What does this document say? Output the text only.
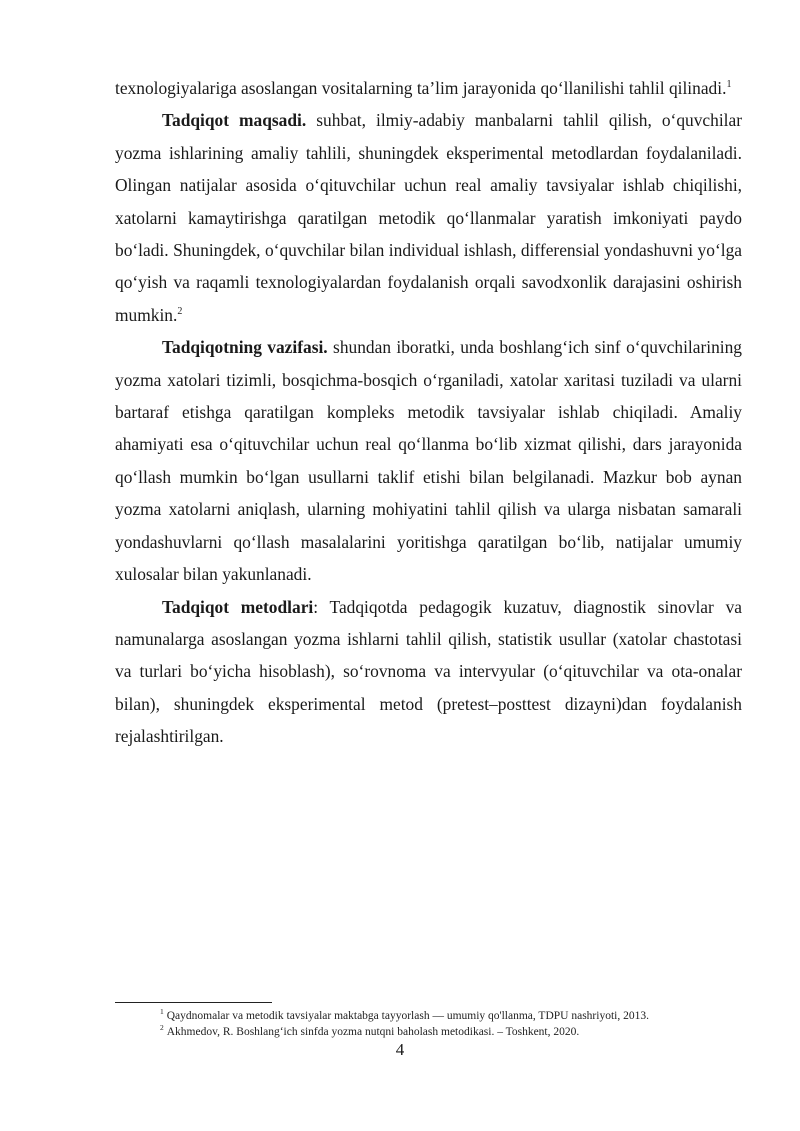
texnologiyalariga asoslangan vositalarning ta’lim jarayonida qo‘llanilishi tahlil qilinadi.$^1$

Tadqiqot maqsadi. suhbat, ilmiy-adabiy manbalarni tahlil qilish, o‘quvchilar yozma ishlarining amaliy tahlili, shuningdek eksperimental metodlardan foydalaniladi. Olingan natijalar asosida o‘qituvchilar uchun real amaliy tavsiyalar ishlab chiqilishi, xatolarni kamaytirishga qaratilgan metodik qo‘llanmalar yaratish imkoniyati paydo bo‘ladi. Shuningdek, o‘quvchilar bilan individual ishlash, differensial yondashuvni yo‘lga qo‘yish va raqamli texnologiyalardan foydalanish orqali savodxonlik darajasini oshirish mumkin.$^2$

Tadqiqotning vazifasi. shundan iboratki, unda boshlang‘ich sinf o‘quvchilarining yozma xatolari tizimli, bosqichma-bosqich o‘rganiladi, xatolar xaritasi tuziladi va ularni bartaraf etishga qaratilgan kompleks metodik tavsiyalar ishlab chiqiladi. Amaliy ahamiyati esa o‘qituvchilar uchun real qo‘llanma bo‘lib xizmat qilishi, dars jarayonida qo‘llash mumkin bo‘lgan usullarni taklif etishi bilan belgilanadi. Mazkur bob aynan yozma xatolarni aniqlash, ularning mohiyatini tahlil qilish va ularga nisbatan samarali yondashuvlarni qo‘llash masalalarini yoritishga qaratilgan bo‘lib, natijalar umumiy xulosalar bilan yakunlanadi.

Tadqiqot metodlari: Tadqiqotda pedagogik kuzatuv, diagnostik sinovlar va namunalarga asoslangan yozma ishlarni tahlil qilish, statistik usullar (xatolar chastotasi va turlari bo‘yicha hisoblash), so‘rovnoma va intervyular (o‘qituvchilar va ota-onalar bilan), shuningdek eksperimental metod (pretest–posttest dizayni)dan foydalanish rejalashtirilgan.

$^1$ Qaydnomalar va metodik tavsiyalar maktabga tayyorlash — umumiy qo'llanma, TDPU nashriyoti, 2013.
$^2$ Akhmedov, R. Boshlang‘ich sinfda yozma nutqni baholash metodikasi. – Toshkent, 2020.
4
